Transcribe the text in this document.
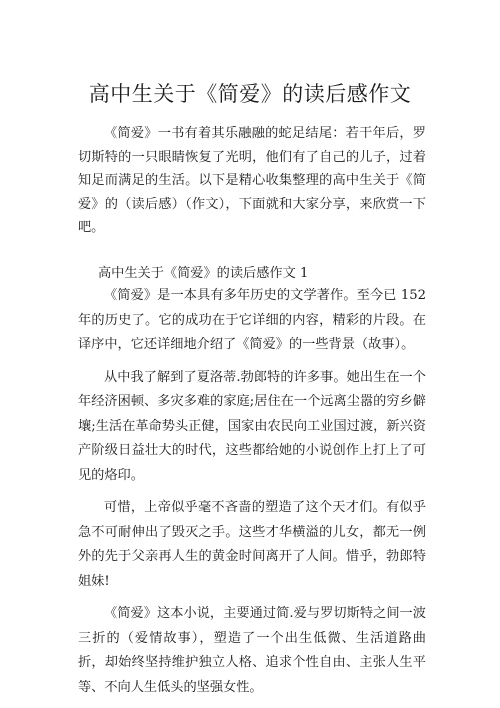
高中生关于《简爱》的读后感作文

《简爱》一书有着其乐融融的蛇足结尾：若干年后，罗切斯特的一只眼睛恢复了光明，他们有了自己的儿子，过着知足而满足的生活。以下是精心收集整理的高中生关于《简爱》的（读后感）（作文），下面就和大家分享，来欣赏一下吧。

高中生关于《简爱》的读后感作文 1

《简爱》是一本具有多年历史的文学著作。至今已 152 年的历史了。它的成功在于它详细的内容，精彩的片段。在译序中，它还详细地介绍了《简爱》的一些背景（故事）。

从中我了解到了夏洛蒂.勃郎特的许多事。她出生在一个年经济困顿、多灾多难的家庭;居住在一个远离尘嚣的穷乡僻壤;生活在革命势头正健，国家由农民向工业国过渡，新兴资产阶级日益壮大的时代，这些都给她的小说创作上打上了可见的烙印。

可惜，上帝似乎毫不吝啬的塑造了这个天才们。有似乎急不可耐伸出了毁灭之手。这些才华横溢的儿女，都无一例外的先于父亲再人生的黄金时间离开了人间。惜乎，勃郎特姐妹!

《简爱》这本小说，主要通过简.爱与罗切斯特之间一波三折的（爱情故事），塑造了一个出生低微、生活道路曲折，却始终坚持维护独立人格、追求个性自由、主张人生平等、不向人生低头的坚强女性。
